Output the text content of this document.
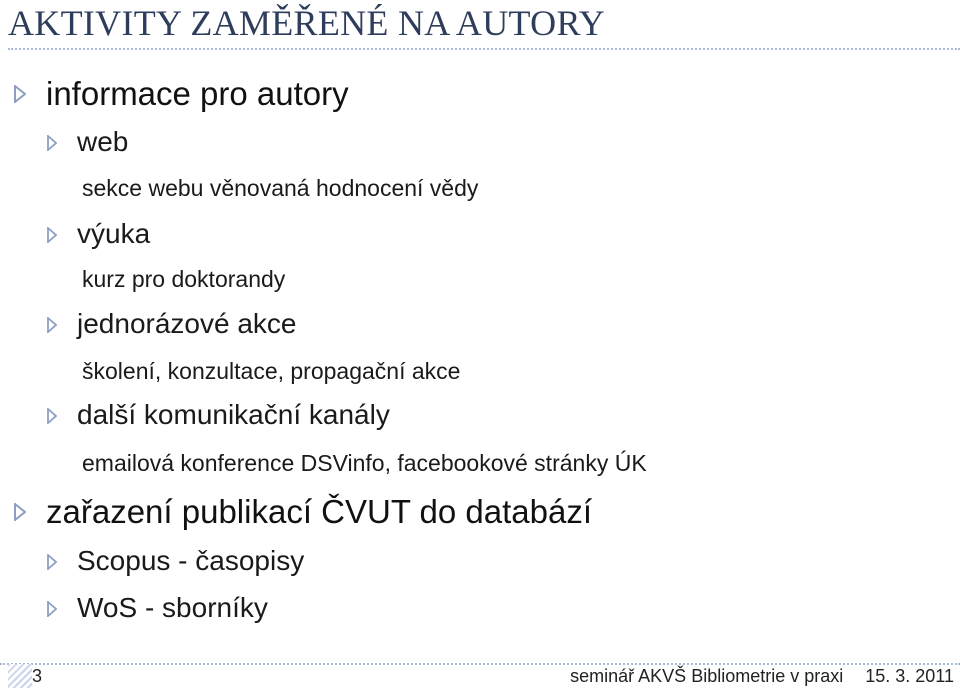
AKTIVITY ZAMĚŘENÉ NA AUTORY
informace pro autory
web
sekce webu věnovaná hodnocení vědy
výuka
kurz pro doktorandy
jednorázové akce
školení, konzultace, propagační akce
další komunikační kanály
emailová konference DSVinfo, facebookové stránky ÚK
zařazení publikací ČVUT do databází
Scopus - časopisy
WoS - sborníky
3	seminář AKVŠ Bibliometrie v praxi 15. 3. 2011
